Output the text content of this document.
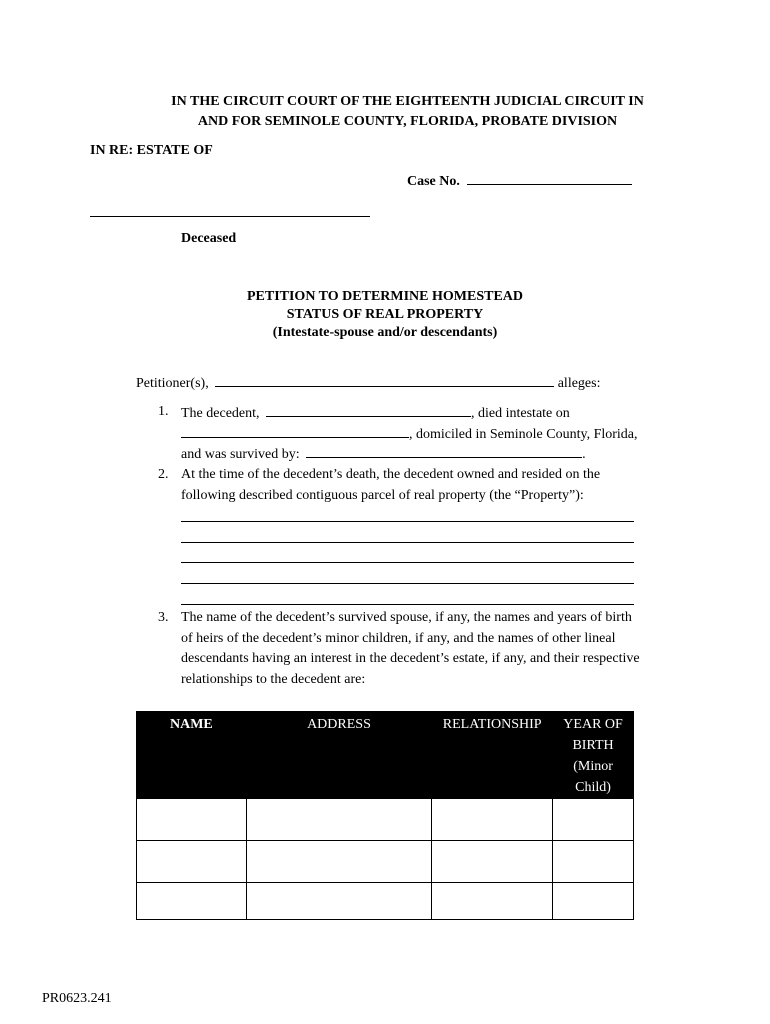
IN THE CIRCUIT COURT OF THE EIGHTEENTH JUDICIAL CIRCUIT IN
AND FOR SEMINOLE COUNTY, FLORIDA, PROBATE DIVISION
IN RE: ESTATE OF
Case No.
Deceased
PETITION TO DETERMINE HOMESTEAD
STATUS OF REAL PROPERTY
(Intestate-spouse and/or descendants)
Petitioner(s),	alleges:
1. The decedent,	, died intestate on
, domiciled in Seminole County, Florida,
and was survived by:	.
2. At the time of the decedent’s death, the decedent owned and resided on the
following described contiguous parcel of real property (the “Property”):
3. The name of the decedent’s survived spouse, if any, the names and years of birth
of heirs of the decedent’s minor children, if any, and the names of other lineal
descendants having an interest in the decedent’s estate, if any, and their respective
relationships to the decedent are:
NAME	ADDRESS	RELATIONSHIP	YEAR OF
BIRTH
(Minor
Child)

PR0623.241
